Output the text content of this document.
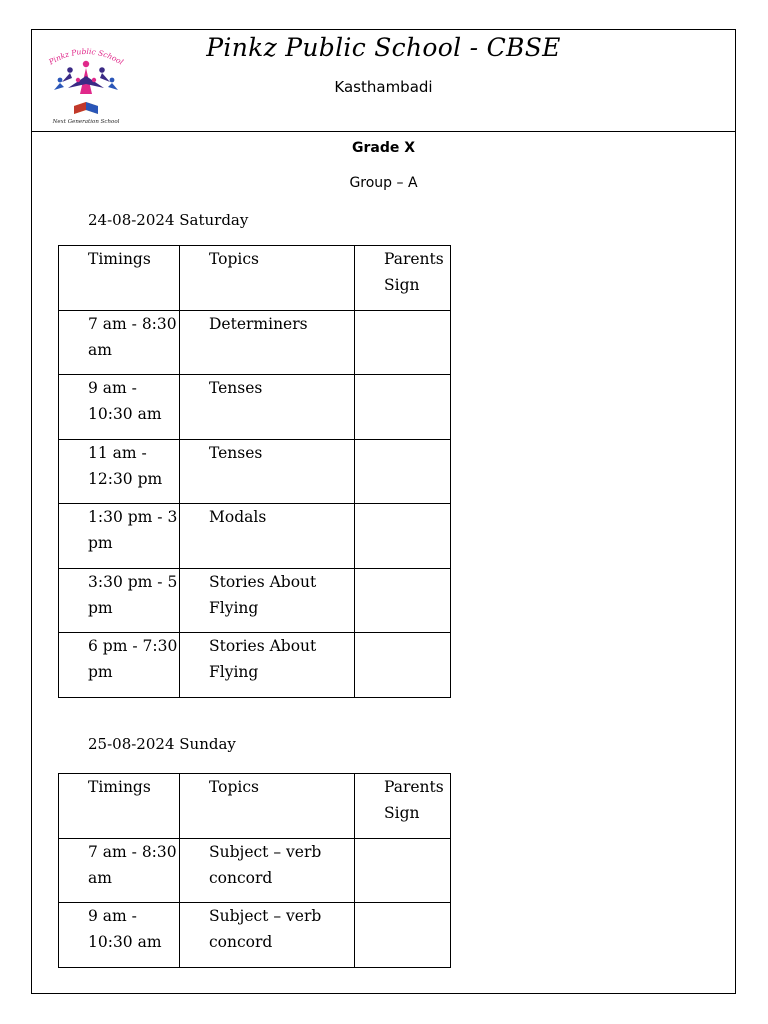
Pinkz Public School
Next Generation School
Pinkz Public School - CBSE
Kasthambadi
Grade X
Group – A
24-08-2024 Saturday
Timings	Topics	Parents Sign
7 am - 8:30 am	Determiners	
9 am - 10:30 am	Tenses	
11 am - 12:30 pm	Tenses	
1:30 pm - 3 pm	Modals	
3:30 pm - 5 pm	Stories About Flying	
6 pm - 7:30 pm	Stories About Flying	
25-08-2024 Sunday
Timings	Topics	Parents Sign
7 am - 8:30 am	Subject – verb concord	
9 am - 10:30 am	Subject – verb concord	
